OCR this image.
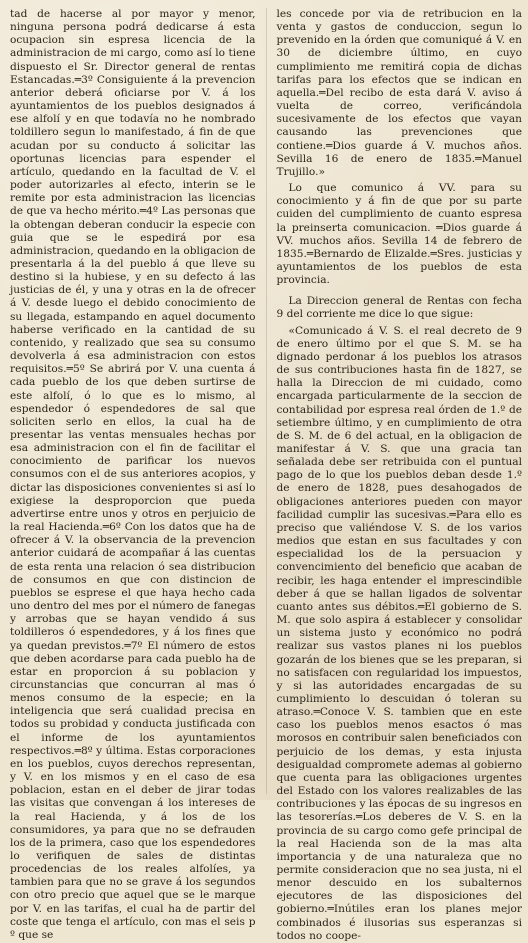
tad de hacerse al por mayor y menor, ninguna persona podrá dedicarse á esta ocupacion sin espresa licencia de la administracion de mi cargo, como así lo tiene dispuesto el Sr. Director general de rentas Estancadas.═3º Consiguiente á la prevencion anterior deberá oficiarse por V. á los ayuntamientos de los pueblos designados á ese alfolí y en que todavía no he nombrado toldillero segun lo manifestado, á fin de que acudan por su conducto á solicitar las oportunas licencias para espender el artículo, quedando en la facultad de V. el poder autorizarles al efecto, interin se le remite por esta administracion las licencias de que va hecho mérito.═4º Las personas que la obtengan deberan conducir la especie con guia que se le espedirá por esa administracion, quedando en la obligacion de presentarla á la del pueblo á que lleve su destino si la hubiese, y en su defecto á las justicias de él, y una y otras en la de ofrecer á V. desde luego el debido conocimiento de su llegada, estampando en aquel documento haberse verificado en la cantidad de su contenido, y realizado que sea su consumo devolverla á esa administracion con estos requisitos.═5º Se abrirá por V. una cuenta á cada pueblo de los que deben surtirse de este alfolí, ó lo que es lo mismo, al espendedor ó espendedores de sal que soliciten serlo en ellos, la cual ha de presentar las ventas mensuales hechas por esa administracion con el fin de facilitar el conocimiento de parificar los nuevos consumos con el de sus anteriores acopios, y dictar las disposiciones convenientes si así lo exigiese la desproporcion que pueda advertirse entre unos y otros en perjuicio de la real Hacienda.═6º Con los datos que ha de ofrecer á V. la observancia de la prevencion anterior cuidará de acompañar á las cuentas de esta renta una relacion ó sea distribucion de consumos en que con distincion de pueblos se esprese el que haya hecho cada uno dentro del mes por el número de fanegas y arrobas que se hayan vendido á sus toldilleros ó espendedores, y á los fines que ya quedan previstos.═7º El número de estos que deben acordarse para cada pueblo ha de estar en proporcion á su poblacion y circunstancias que concurran al mas ó menos consumo de la especie; en la inteligencia que será cualidad precisa en todos su probidad y conducta justificada con el informe de los ayuntamientos respectivos.═8º y última. Estas corporaciones en los pueblos, cuyos derechos representan, y V. en los mismos y en el caso de esa poblacion, estan en el deber de jirar todas las visitas que convengan á los intereses de la real Hacienda, y á los de los consumidores, ya para que no se defrauden los de la primera, caso que los espendedores lo verifiquen de sales de distintas procedencias de los reales alfolíes, ya tambien para que no se grave á los segundos con otro precio que aquel que se le marque por V. en las tarifas, el cual ha de partir del coste que tenga el artículo, con mas el seis p º que se

les concede por via de retribucion en la venta y gastos de conduccion, segun lo prevenido en la órden que comuniqué á V. en 30 de diciembre último, en cuyo cumplimiento me remitirá copia de dichas tarifas para los efectos que se indican en aquella.═Del recibo de esta dará V. aviso á vuelta de correo, verificándola sucesivamente de los efectos que vayan causando las prevenciones que contiene.═Dios guarde á V. muchos años. Sevilla 16 de enero de 1835.═Manuel Trujillo.»

Lo que comunico á VV. para su conocimiento y á fin de que por su parte cuiden del cumplimiento de cuanto espresa la preinserta comunicacion. ═Dios guarde á VV. muchos años. Sevilla 14 de febrero de 1835.═Bernardo de Elizalde.═Sres. justicias y ayuntamientos de los pueblos de esta provincia.

La Direccion general de Rentas con fecha 9 del corriente me dice lo que sigue:

«Comunicado á V. S. el real decreto de 9 de enero último por el que S. M. se ha dignado perdonar á los pueblos los atrasos de sus contribuciones hasta fin de 1827, se halla la Direccion de mi cuidado, como encargada particularmente de la seccion de contabilidad por espresa real órden de 1.º de setiembre último, y en cumplimiento de otra de S. M. de 6 del actual, en la obligacion de manifestar á V. S. que una gracia tan señalada debe ser retribuida con el puntual pago de lo que los pueblos deban desde 1.º de enero de 1828, pues desahogados de obligaciones anteriores pueden con mayor facilidad cumplir las sucesivas.═Para ello es preciso que valiéndose V. S. de los varios medios que estan en sus facultades y con especialidad los de la persuacion y convencimiento del beneficio que acaban de recibir, les haga entender el imprescindible deber á que se hallan ligados de solventar cuanto antes sus débitos.═El gobierno de S. M. que solo aspira á establecer y consolidar un sistema justo y económico no podrá realizar sus vastos planes ni los pueblos gozarán de los bienes que se les preparan, si no satisfacen con regularidad los impuestos, y si las autoridades encargadas de su cumplimiento lo descuidan ó toleran su atraso.═Conoce V. S. tambien que en este caso los pueblos menos esactos ó mas morosos en contribuir salen beneficiados con perjuicio de los demas, y esta injusta desigualdad compromete ademas al gobierno que cuenta para las obligaciones urgentes del Estado con los valores realizables de las contribuciones y las épocas de su ingresos en las tesorerías.═Los deberes de V. S. en la provincia de su cargo como gefe principal de la real Hacienda son de la mas alta importancia y de una naturaleza que no permite consideracion que no sea justa, ni el menor descuido en los subalternos ejecutores de las disposiciones del gobierno.═Inútiles eran los planes mejor combinados é ilusorias sus esperanzas si todos no coope-
